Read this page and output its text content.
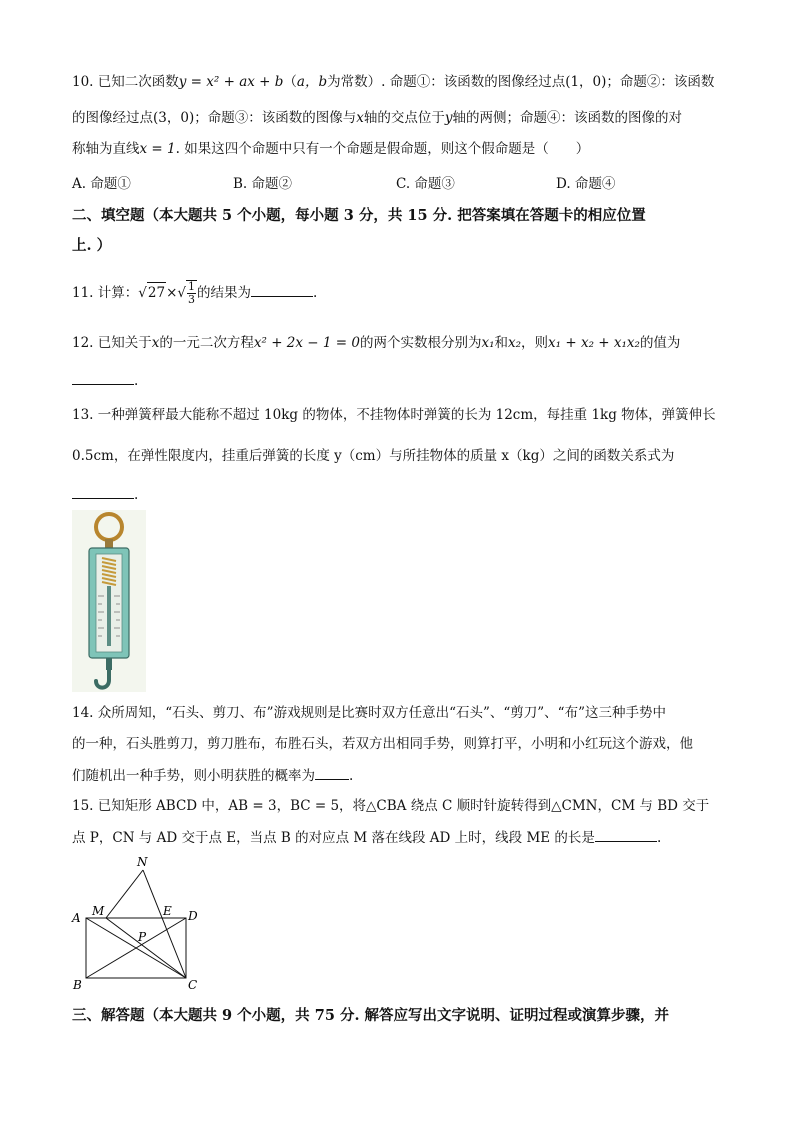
10. 已知二次函数y = x² + ax + b（a，b为常数）. 命题①：该函数的图像经过点(1，0)；命题②：该函数
的图像经过点(3，0)；命题③：该函数的图像与x轴的交点位于y轴的两侧；命题④：该函数的图像的对
称轴为直线x = 1. 如果这四个命题中只有一个命题是假命题，则这个假命题是（　　）
A. 命题①	B. 命题②	C. 命题③	D. 命题④
二、填空题（本大题共 5 个小题，每小题 3 分，共 15 分. 把答案填在答题卡的相应位置
上. ）
11. 计算：$√27\times√ \frac{1}{3}$ 的结果为	.
12. 已知关于x的一元二次方程x² + 2x − 1 = 0的两个实数根分别为x₁和x₂，则x₁ + x₂ + x₁x₂的值为
.
13. 一种弹簧秤最大能称不超过 10kg 的物体，不挂物体时弹簧的长为 12cm，每挂重 1kg 物体，弹簧伸长
0.5cm，在弹性限度内，挂重后弹簧的长度 y（cm）与所挂物体的质量 x（kg）之间的函数关系式为
.
14. 众所周知，“石头、剪刀、布”游戏规则是比赛时双方任意出“石头”、“剪刀”、“布”这三种手势中
的一种，石头胜剪刀，剪刀胜布，布胜石头，若双方出相同手势，则算打平，小明和小红玩这个游戏，他
们随机出一种手势，则小明获胜的概率为	.
15. 已知矩形 ABCD 中，AB = 3，BC = 5，将△CBA 绕点 C 顺时针旋转得到△CMN，CM 与 BD 交于
点 P，CN 与 AD 交于点 E，当点 B 的对应点 M 落在线段 AD 上时，线段 ME 的长是	.
N
A M	E D
P
B	C
三、解答题（本大题共 9 个小题，共 75 分. 解答应写出文字说明、证明过程或演算步骤，并
